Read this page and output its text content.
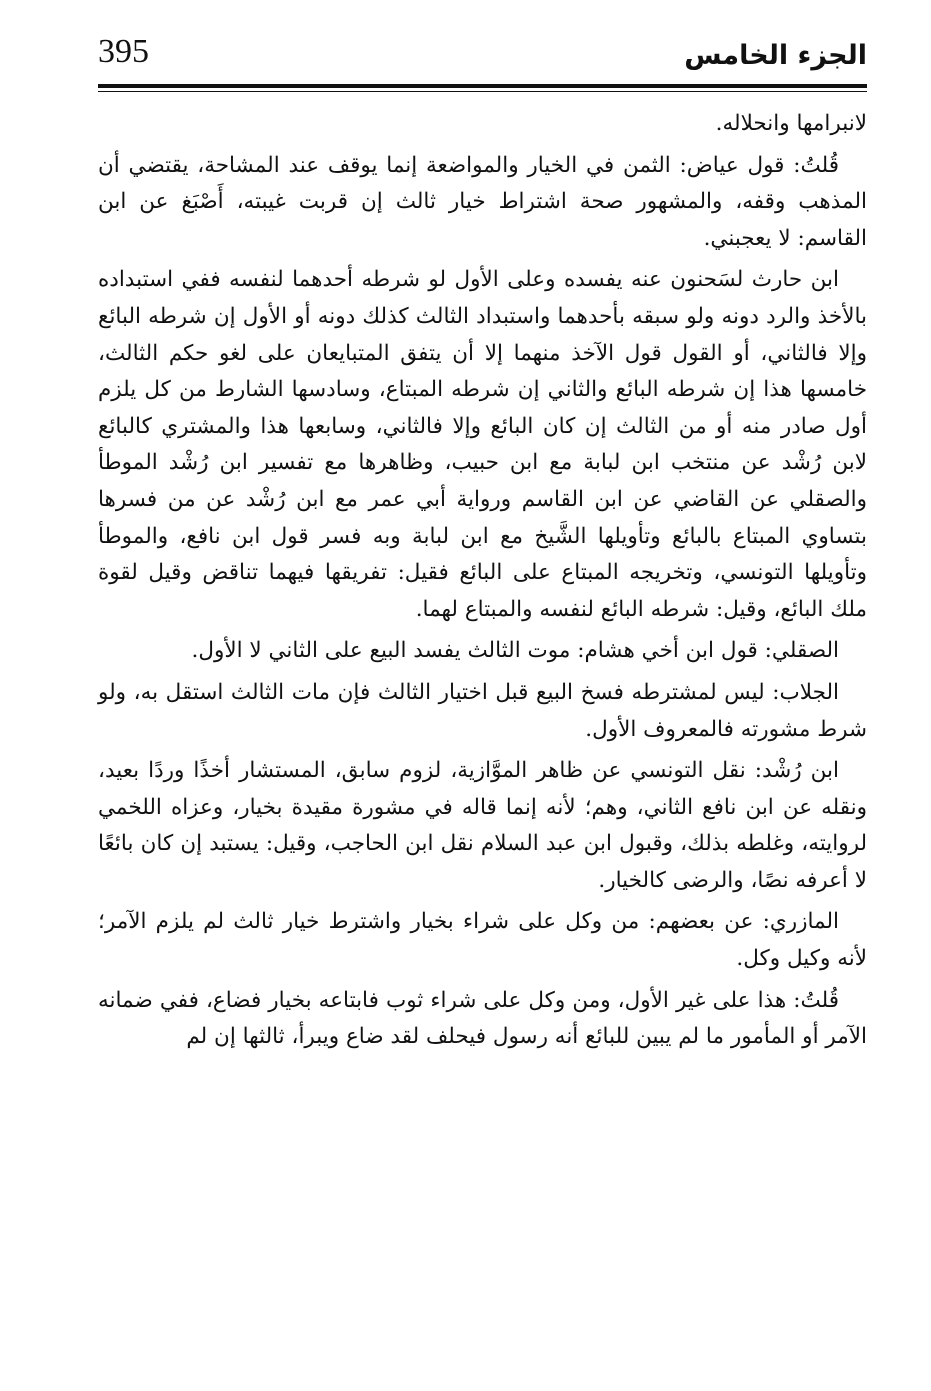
395	الجزء الخامس

لانبرامها وانحلاله.

قُلتُ: قول عياض: الثمن في الخيار والمواضعة إنما يوقف عند المشاحة، يقتضي أن المذهب وقفه، والمشهور صحة اشتراط خيار ثالث إن قربت غيبته، أَصْبَغ عن ابن القاسم: لا يعجبني.

ابن حارث لسَحنون عنه يفسده وعلى الأول لو شرطه أحدهما لنفسه ففي استبداده بالأخذ والرد دونه ولو سبقه بأحدهما واستبداد الثالث كذلك دونه أو الأول إن شرطه البائع وإلا فالثاني، أو القول قول الآخذ منهما إلا أن يتفق المتبايعان على لغو حكم الثالث، خامسها هذا إن شرطه البائع والثاني إن شرطه المبتاع، وسادسها الشارط من كل يلزم أول صادر منه أو من الثالث إن كان البائع وإلا فالثاني، وسابعها هذا والمشتري كالبائع لابن رُشْد عن منتخب ابن لبابة مع ابن حبيب، وظاهرها مع تفسير ابن رُشْد الموطأ والصقلي عن القاضي عن ابن القاسم ورواية أبي عمر مع ابن رُشْد عن من فسرها بتساوي المبتاع بالبائع وتأويلها الشَّيخ مع ابن لبابة وبه فسر قول ابن نافع، والموطأ وتأويلها التونسي، وتخريجه المبتاع على البائع فقيل: تفريقها فيهما تناقض وقيل لقوة ملك البائع، وقيل: شرطه البائع لنفسه والمبتاع لهما.

الصقلي: قول ابن أخي هشام: موت الثالث يفسد البيع على الثاني لا الأول.

الجلاب: ليس لمشترطه فسخ البيع قبل اختيار الثالث فإن مات الثالث استقل به، ولو شرط مشورته فالمعروف الأول.

ابن رُشْد: نقل التونسي عن ظاهر الموَّازية، لزوم سابق، المستشار أخذًا وردًا بعيد، ونقله عن ابن نافع الثاني، وهم؛ لأنه إنما قاله في مشورة مقيدة بخيار، وعزاه اللخمي لروايته، وغلطه بذلك، وقبول ابن عبد السلام نقل ابن الحاجب، وقيل: يستبد إن كان بائعًا لا أعرفه نصًا، والرضى كالخيار.

المازري: عن بعضهم: من وكل على شراء بخيار واشترط خيار ثالث لم يلزم الآمر؛ لأنه وكيل وكل.

قُلتُ: هذا على غير الأول، ومن وكل على شراء ثوب فابتاعه بخيار فضاع، ففي ضمانه الآمر أو المأمور ما لم يبين للبائع أنه رسول فيحلف لقد ضاع ويبرأ، ثالثها إن لم
